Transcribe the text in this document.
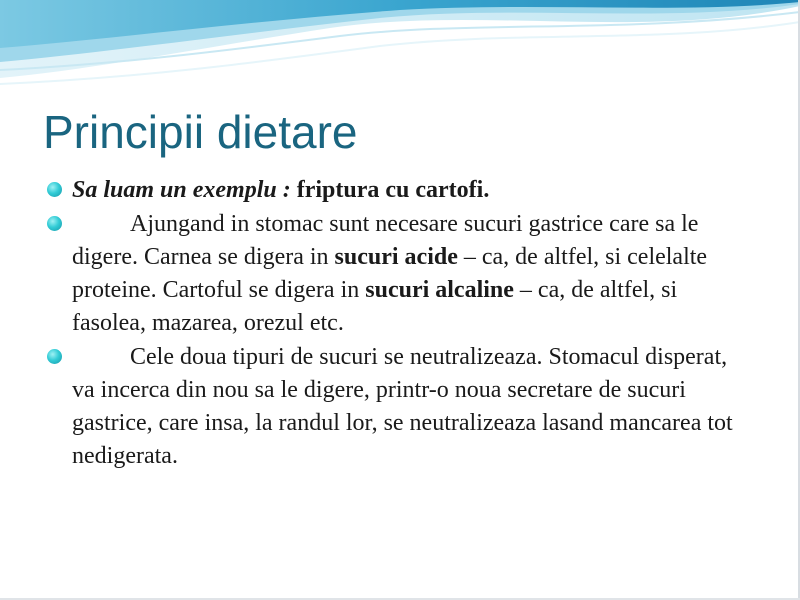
Principii dietare
Sa luam un exemplu : friptura cu cartofi.
Ajungand in stomac sunt necesare sucuri gastrice care sa le digere. Carnea se digera in sucuri acide – ca, de altfel, si celelalte proteine. Cartoful se digera in sucuri alcaline – ca, de altfel, si fasolea, mazarea, orezul etc.
Cele doua tipuri de sucuri se neutralizeaza. Stomacul disperat, va incerca din nou sa le digere, printr-o noua secretare de sucuri gastrice, care insa, la randul lor, se neutralizeaza lasand mancarea tot nedigerata.
